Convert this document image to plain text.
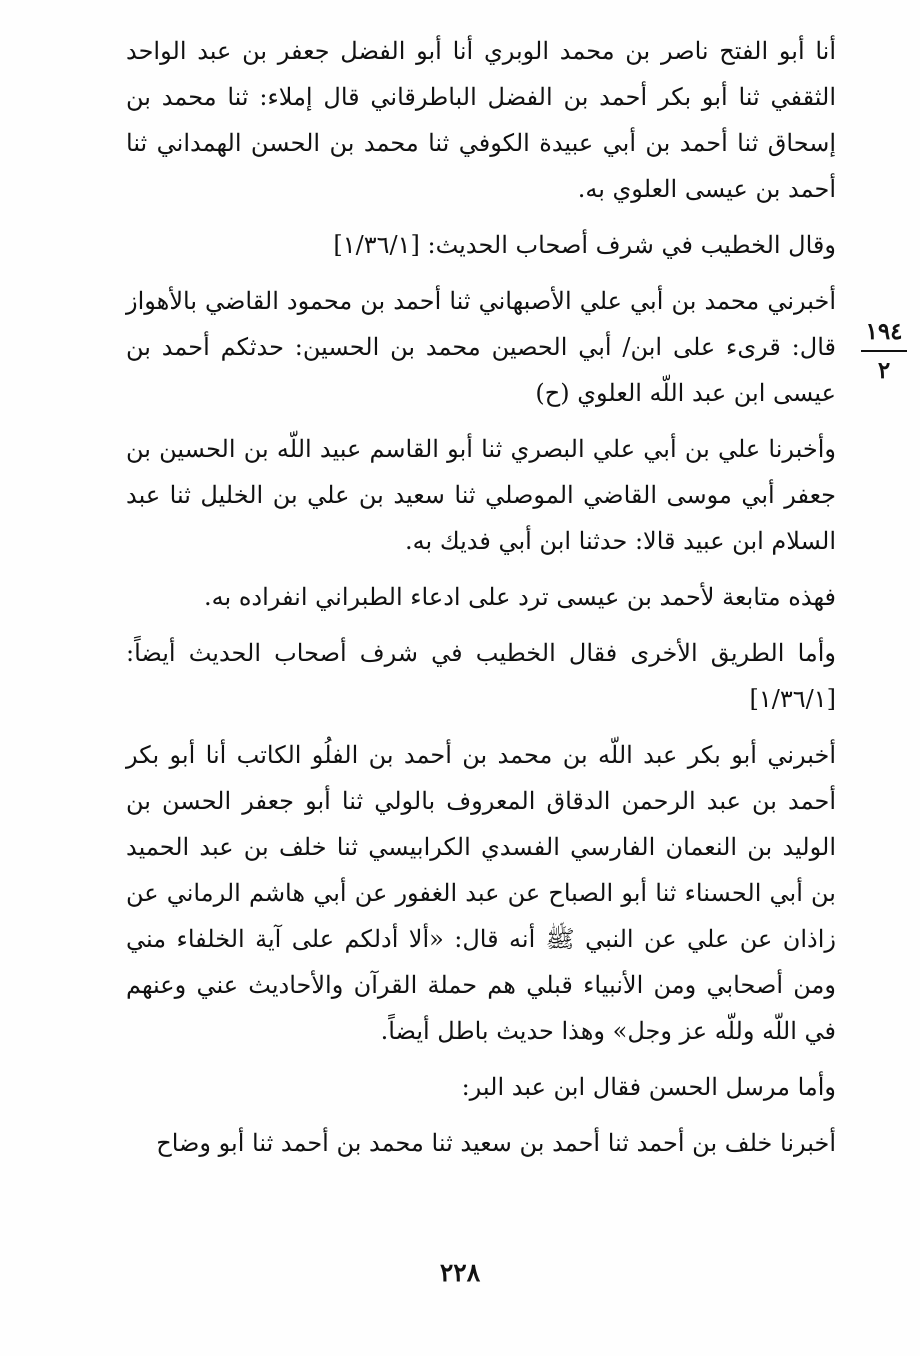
أنا أبو الفتح ناصر بن محمد الوبري أنا أبو الفضل جعفر بن عبد الواحد الثقفي ثنا أبو بكر أحمد بن الفضل الباطرقاني قال إملاء: ثنا محمد بن إسحاق ثنا أحمد بن أبي عبيدة الكوفي ثنا محمد بن الحسن الهمداني ثنا أحمد بن عيسى العلوي به.

وقال الخطيب في شرف أصحاب الحديث: [١/٣٦/١]

أخبرني محمد بن أبي علي الأصبهاني ثنا أحمد بن محمود القاضي بالأهواز قال: قرىء على ابن/ أبي الحصين محمد بن الحسين: حدثكم أحمد بن عيسى ابن عبد اللّه العلوي (ح)

وأخبرنا علي بن أبي علي البصري ثنا أبو القاسم عبيد اللّه بن الحسين بن جعفر أبي موسى القاضي الموصلي ثنا سعيد بن علي بن الخليل ثنا عبد السلام ابن عبيد قالا: حدثنا ابن أبي فديك به.

فهذه متابعة لأحمد بن عيسى ترد على ادعاء الطبراني انفراده به.

وأما الطريق الأخرى فقال الخطيب في شرف أصحاب الحديث أيضاً: [١/٣٦/١]

أخبرني أبو بكر عبد اللّه بن محمد بن أحمد بن الفلُو الكاتب أنا أبو بكر أحمد بن عبد الرحمن الدقاق المعروف بالولي ثنا أبو جعفر الحسن بن الوليد بن النعمان الفارسي الفسدي الكرابيسي ثنا خلف بن عبد الحميد بن أبي الحسناء ثنا أبو الصباح عن عبد الغفور عن أبي هاشم الرماني عن زاذان عن علي عن النبي ﷺ أنه قال: «ألا أدلكم على آية الخلفاء مني ومن أصحابي ومن الأنبياء قبلي هم حملة القرآن والأحاديث عني وعنهم في اللّه وللّه عز وجل» وهذا حديث باطل أيضاً.

وأما مرسل الحسن فقال ابن عبد البر:

أخبرنا خلف بن أحمد ثنا أحمد بن سعيد ثنا محمد بن أحمد ثنا أبو وضاح

١٩٤
٢
٢٢٨
